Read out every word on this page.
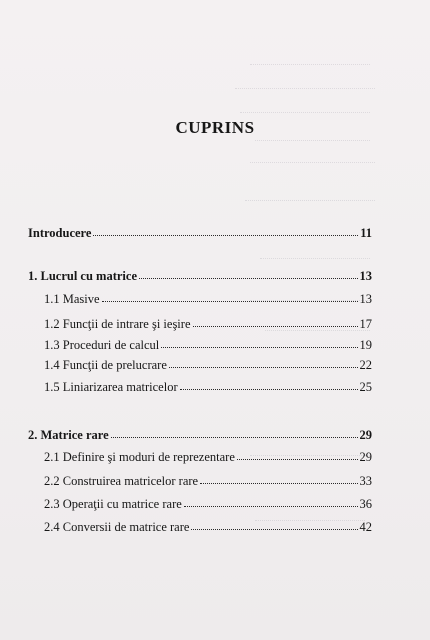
CUPRINS
Introducere	11
1. Lucrul cu matrice	13
1.1 Masive	13
1.2 Funcţii de intrare şi ieşire	17
1.3 Proceduri de calcul	19
1.4 Funcţii de prelucrare	22
1.5 Liniarizarea matricelor	25
2. Matrice rare	29
2.1 Definire şi moduri de reprezentare	29
2.2 Construirea matricelor rare	33
2.3 Operaţii cu matrice rare	36
2.4 Conversii de matrice rare	42
